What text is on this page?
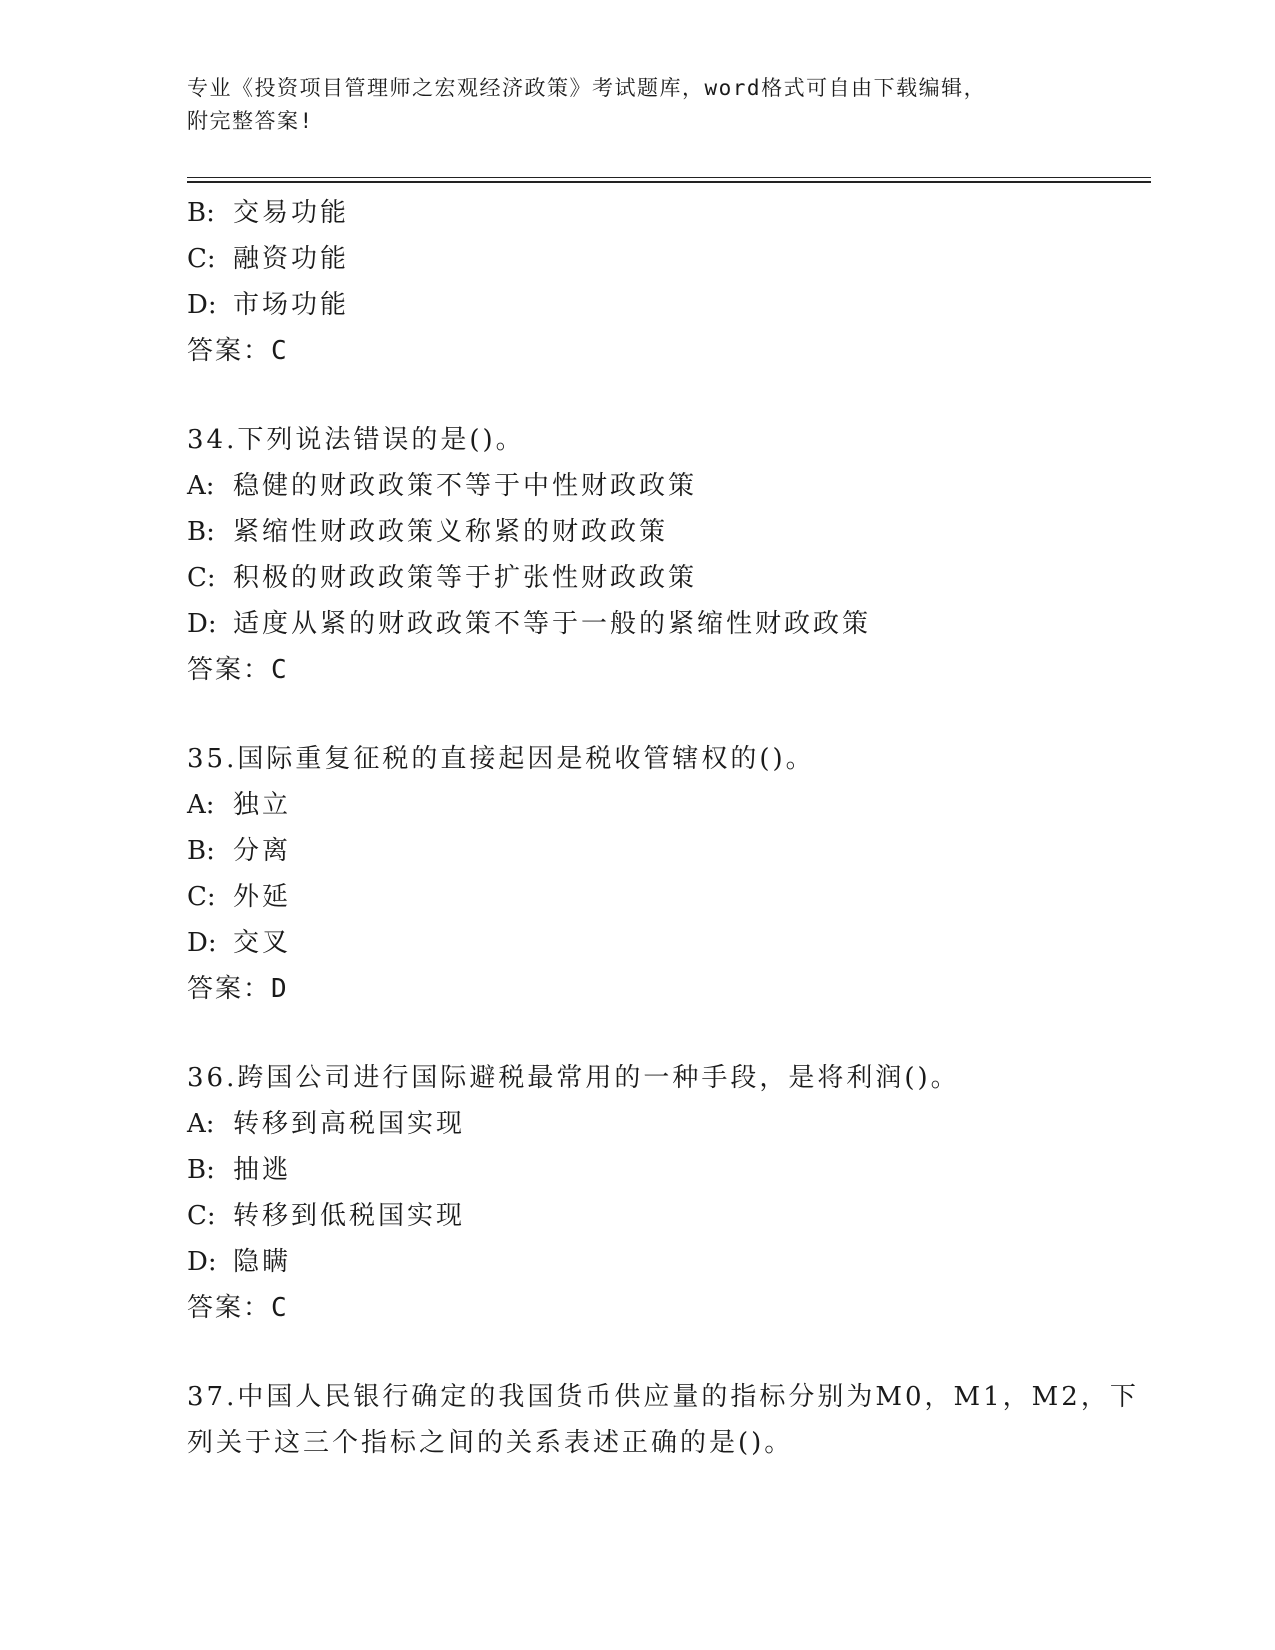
专业《投资项目管理师之宏观经济政策》考试题库，word格式可自由下载编辑，
附完整答案!
B: 交易功能
C: 融资功能
D: 市场功能
答案：C
34.下列说法错误的是()。
A: 稳健的财政政策不等于中性财政政策
B: 紧缩性财政政策义称紧的财政政策
C: 积极的财政政策等于扩张性财政政策
D: 适度从紧的财政政策不等于一般的紧缩性财政政策
答案：C
35.国际重复征税的直接起因是税收管辖权的()。
A: 独立
B: 分离
C: 外延
D: 交叉
答案：D
36.跨国公司进行国际避税最常用的一种手段，是将利润()。
A: 转移到高税国实现
B: 抽逃
C: 转移到低税国实现
D: 隐瞒
答案：C
37.中国人民银行确定的我国货币供应量的指标分别为M0，M1，M2，下
列关于这三个指标之间的关系表述正确的是()。
